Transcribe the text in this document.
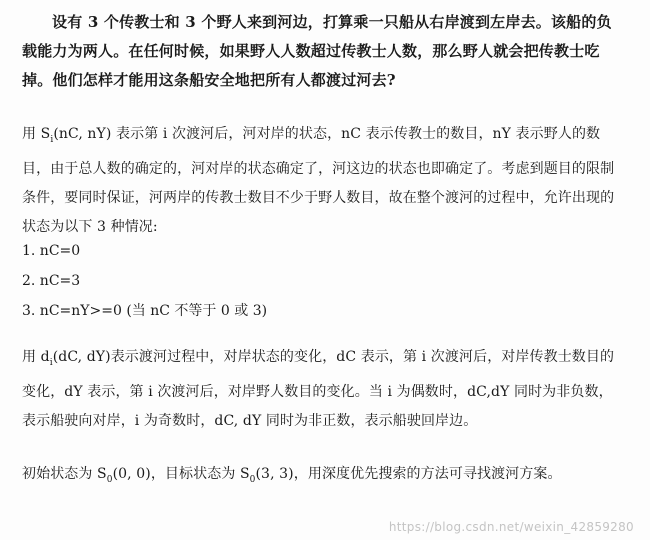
设有 3 个传教士和 3 个野人来到河边，打算乘一只船从右岸渡到左岸去。该船的负载能力为两人。在任何时候，如果野人人数超过传教士人数，那么野人就会把传教士吃掉。他们怎样才能用这条船安全地把所有人都渡过河去?
用 $S_i(nC$, nY) 表示第 i 次渡河后，河对岸的状态，nC 表示传教士的数目，nY 表示野人的数目，由于总人数的确定的，河对岸的状态确定了，河这边的状态也即确定了。考虑到题目的限制条件，要同时保证，河两岸的传教士数目不少于野人数目，故在整个渡河的过程中，允许出现的状态为以下 3 种情况:
1. nC=0
2. nC=3
3. nC=nY>=0 (当 nC 不等于 0 或 3)
用 $d_i(dC$, dY)表示渡河过程中，对岸状态的变化，dC 表示，第 i 次渡河后，对岸传教士数目的变化，dY 表示，第 i 次渡河后，对岸野人数目的变化。当 i 为偶数时，dC,dY 同时为非负数，表示船驶向对岸，i 为奇数时，dC, dY 同时为非正数，表示船驶回岸边。
初始状态为 $S_0(0$, 0)，目标状态为 $S_0(3$, 3)，用深度优先搜索的方法可寻找渡河方案。
https://blog.csdn.net/weixin_42859280
